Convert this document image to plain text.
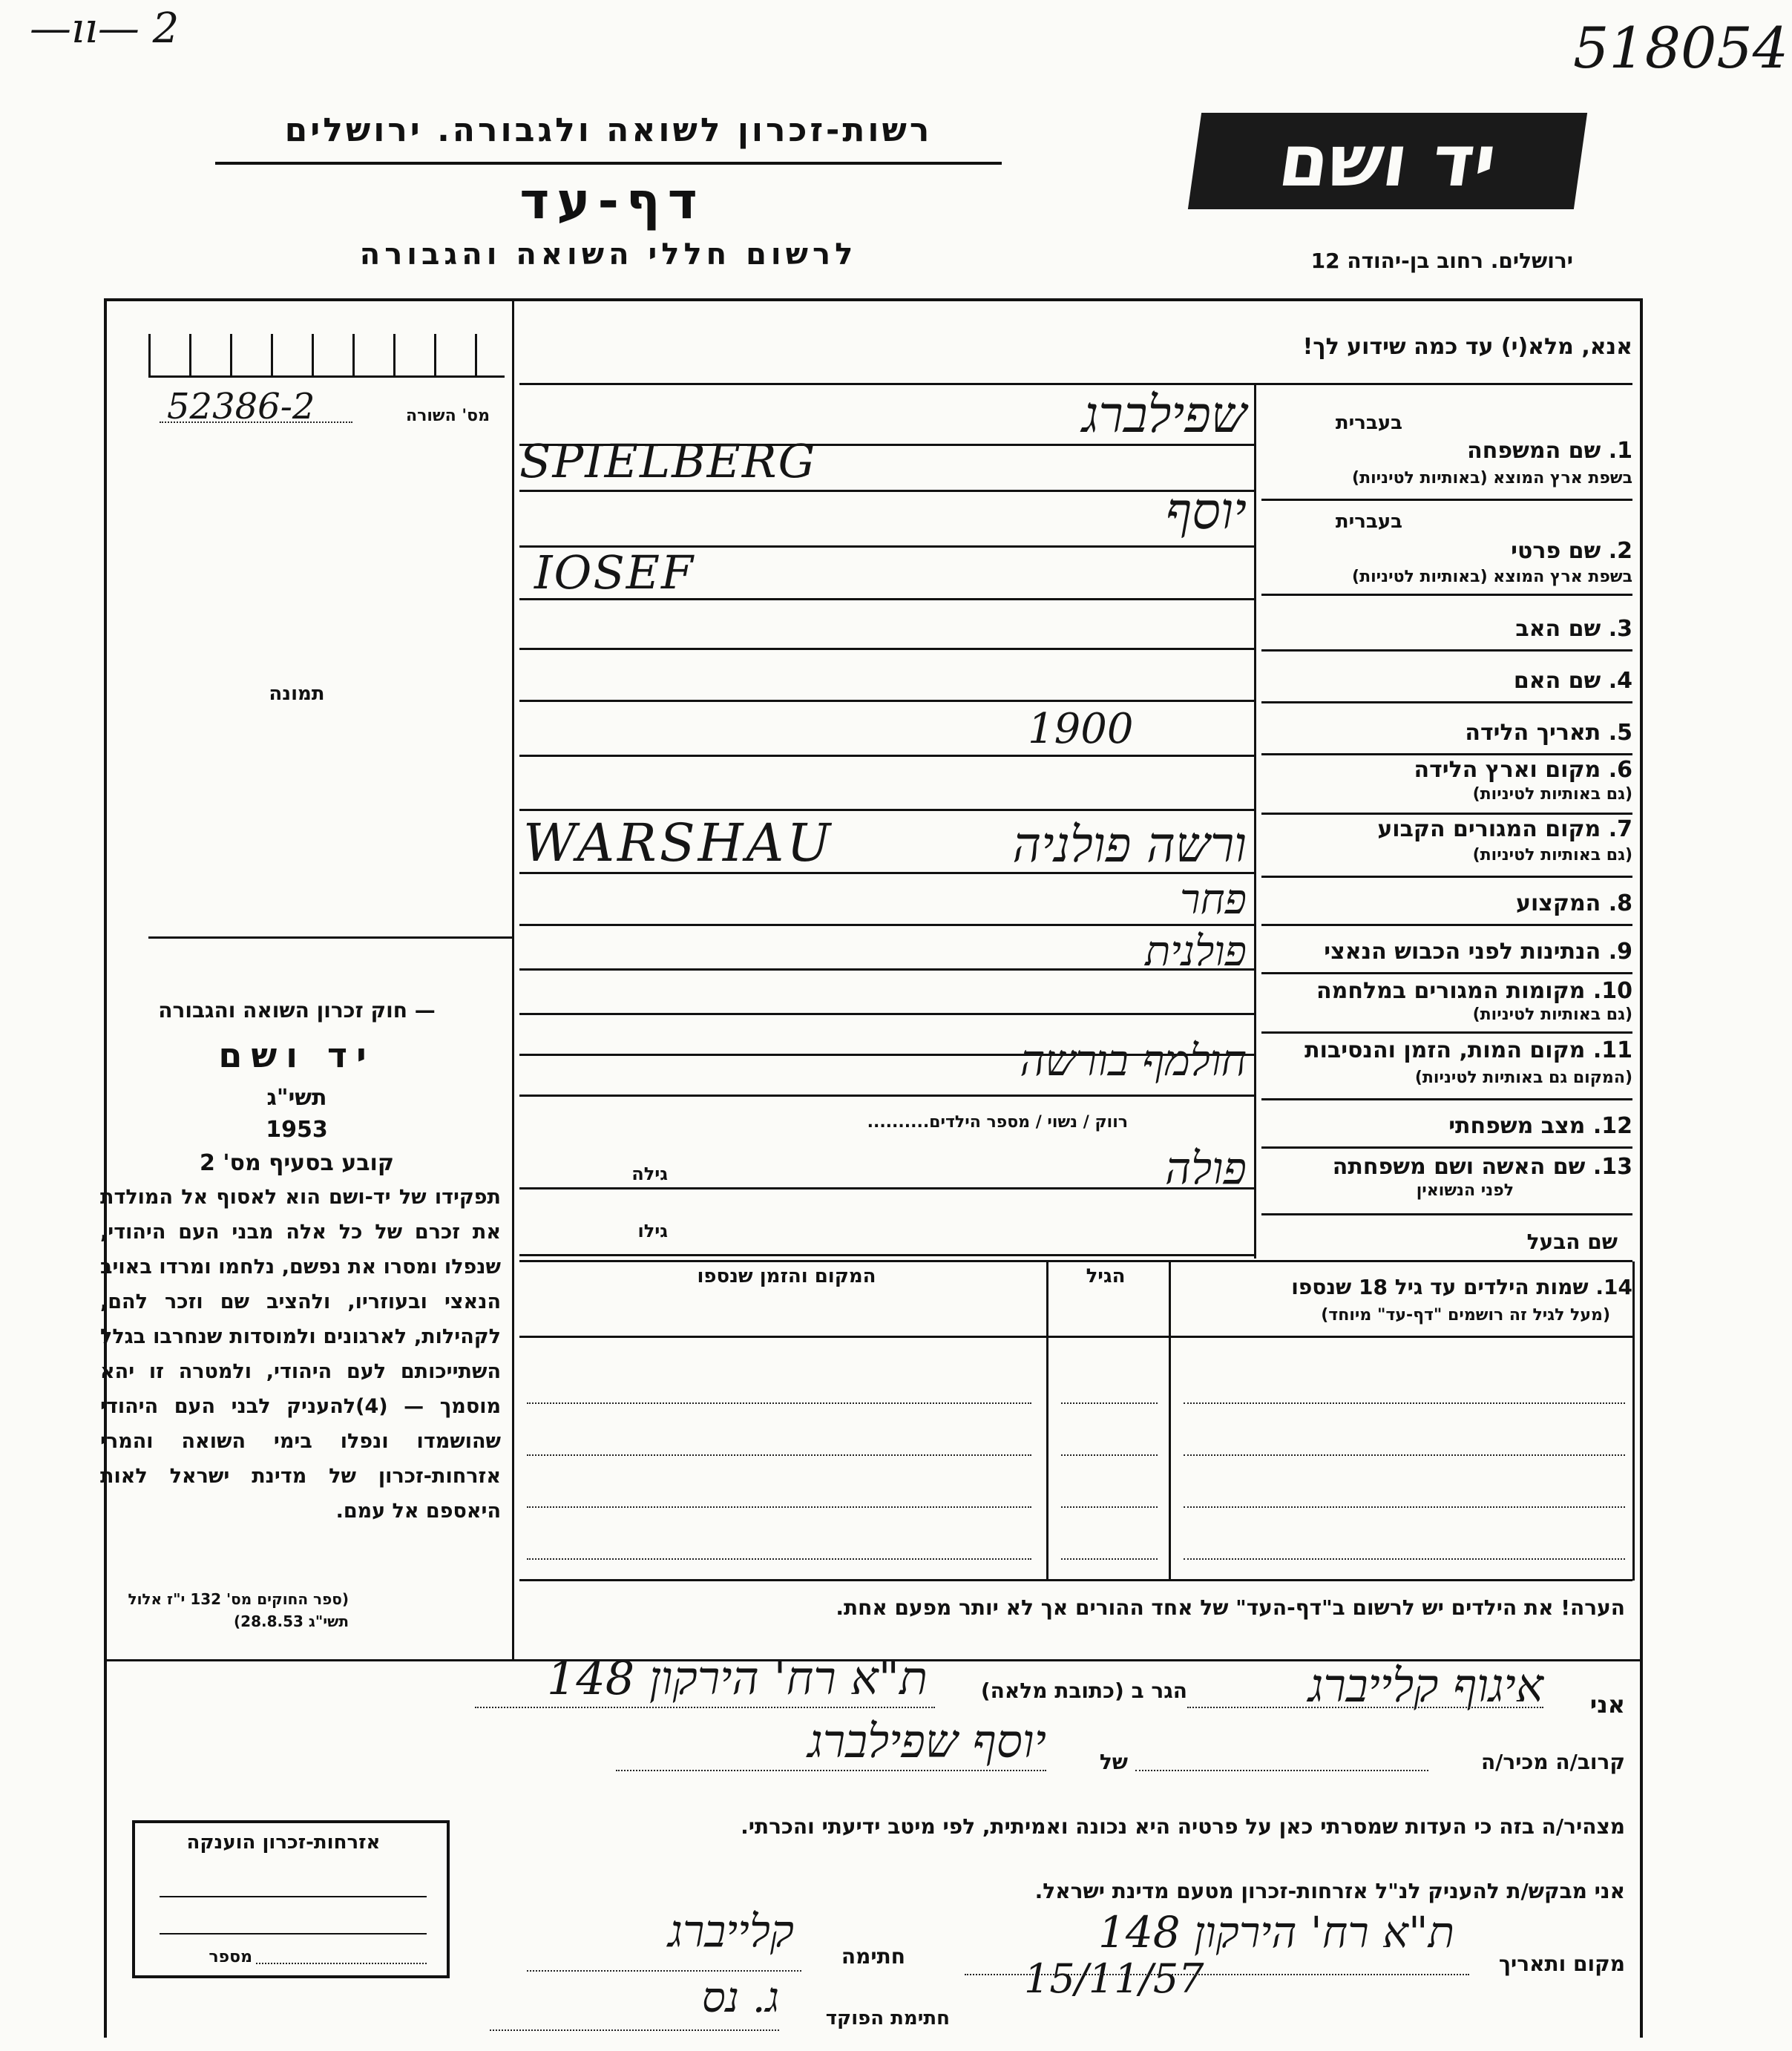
—ıı— 2	518054
רשות-זכרון לשואה ולגבורה. ירושלים
דף-עד
לרשום חללי השואה והגבורה
יד ושם
ירושלים. רחוב בן-יהודה 12
מס' השורה
52386-2
תמונה
— חוק זכרון השואה והגבורה
יד ושם
תשי"ג
1953
קובע בסעיף מס' 2
תפקידו של יד-ושם הוא לאסוף אל המולדת את זכרם של כל אלה מבני העם היהודי, שנפלו ומסרו את נפשם, נלחמו ומרדו באויב הנאצי ובעוזריו, ולהציב שם וזכר להם, לקהילות, לארגונים ולמוסדות שנחרבו בגלל השתייכותם לעם היהודי, ולמטרה זו יהא מוסמך — (4)להעניק לבני העם היהודי שהושמדו ונפלו בימי השואה והמרי אזרחות-זכרון של מדינת ישראל לאות היאספם אל עמם.
(ספר החוקים מס' 132 י"ז אלול תשי"ג 28.8.53)
אנא, מלא(י) עד כמה שידוע לך!
בעברית
1. שם המשפחה
בשפת ארץ המוצא (באותיות לטיניות)
שפילברג
SPIELBERG
בעברית
2. שם פרטי
בשפת ארץ המוצא (באותיות לטיניות)
יוסף
IOSEF
3. שם האב
4. שם האם
5. תאריך הלידה
1900
6. מקום וארץ הלידה
(גם באותיות לטיניות)
7. מקום המגורים הקבוע
(גם באותיות לטיניות)
ורשה פולניה
WARSHAU
8. המקצוע
פחר
9. הנתינות לפני הכבוש הנאצי
פולנית
10. מקומות המגורים במלחמה
(גם באותיות לטיניות)
11. מקום המות, הזמן והנסיבות
(המקום גם באותיות לטיניות)
חולמף בורשה
12. מצב משפחתי
רווק / נשוי / מספר הילדים..........
פולה	13. שם האשה ושם משפחתה
לפני הנשואין
שם הבעל
גילה
גילו
14. שמות הילדים עד גיל 18 שנספו
(מעל לגיל זה רושמים "דף-עד" מיוחד)
הגיל
המקום והזמן שנספו
הערה! את הילדים יש לרשום ב"דף-העד" של אחד ההורים אך לא יותר מפעם אחת.
אני
איגוף קלייברג
הגר ב (כתובת מלאה)
ת"א רח' הירקון 148
קרוב/ה מכיר/ה
של
יוסף שפילברג
מצהיר/ה בזה כי העדות שמסרתי כאן על פרטיה היא נכונה ואמיתית, לפי מיטב ידיעתי והכרתי.
אני מבקש/ת להעניק לנ"ל אזרחות-זכרון מטעם מדינת ישראל.
מקום ותאריך
ת"א רח' הירקון 148
15/11/57
חתימה
קלייברג
חתימת הפוקד
ג. נס
אזרחות-זכרון הוענקה
מספר
